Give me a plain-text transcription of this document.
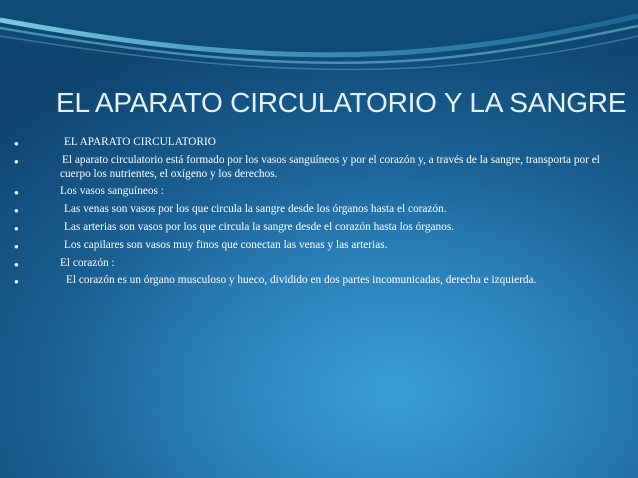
EL APARATO CIRCULATORIO Y LA SANGRE
●	EL APARATO CIRCULATORIO
●	El aparato circulatorio está formado por los vasos sanguíneos y por el corazón y, a través de la sangre, transporta por el cuerpo los nutrientes, el oxígeno y los derechos.
●	Los vasos sanguíneos :
●	Las venas son vasos por los que circula la sangre desde los órganos hasta el corazón.
●	Las arterias son vasos por los que circula la sangre desde el corazón hasta los órganos.
●	Los capilares son vasos muy finos que conectan las venas y las arterias.
●	El corazón :
●	El corazón es un órgano musculoso y hueco, dividido en dos partes incomunicadas, derecha e izquierda.
